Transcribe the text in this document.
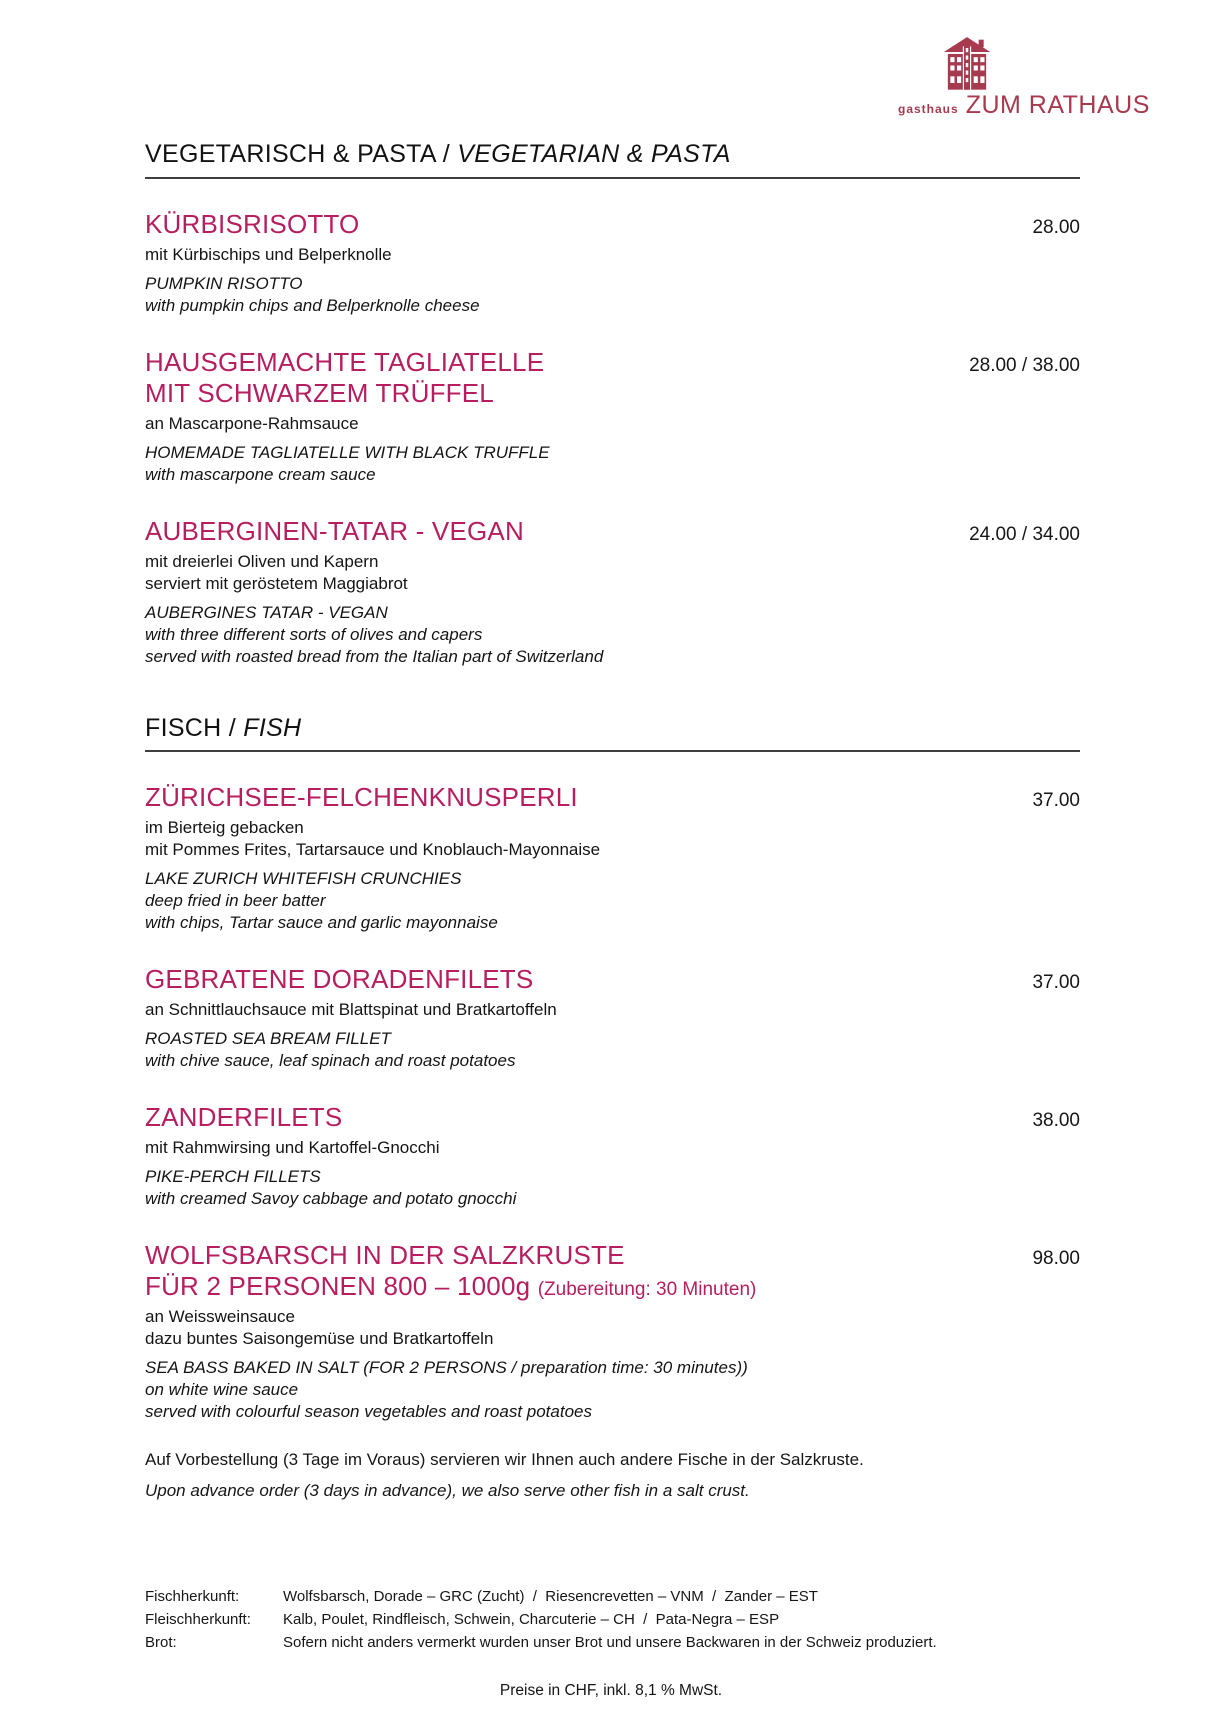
gasthaus ZUM RATHAUS
VEGETARISCH & PASTA / VEGETARIAN & PASTA
KÜRBISRISOTTO	28.00
mit Kürbischips und Belperknolle
PUMPKIN RISOTTO
with pumpkin chips and Belperknolle cheese
HAUSGEMACHTE TAGLIATELLE
MIT SCHWARZEM TRÜFFEL
28.00 / 38.00
an Mascarpone-Rahmsauce
HOMEMADE TAGLIATELLE WITH BLACK TRUFFLE
with mascarpone cream sauce
AUBERGINEN-TATAR - VEGAN	24.00 / 34.00
mit dreierlei Oliven und Kapern
serviert mit geröstetem Maggiabrot
AUBERGINES TATAR - VEGAN
with three different sorts of olives and capers
served with roasted bread from the Italian part of Switzerland
FISCH / FISH
ZÜRICHSEE-FELCHENKNUSPERLI	37.00
im Bierteig gebacken
mit Pommes Frites, Tartarsauce und Knoblauch-Mayonnaise
LAKE ZURICH WHITEFISH CRUNCHIES
deep fried in beer batter
with chips, Tartar sauce and garlic mayonnaise
GEBRATENE DORADENFILETS	37.00
an Schnittlauchsauce mit Blattspinat und Bratkartoffeln
ROASTED SEA BREAM FILLET
with chive sauce, leaf spinach and roast potatoes
ZANDERFILETS	38.00
mit Rahmwirsing und Kartoffel-Gnocchi
PIKE-PERCH FILLETS
with creamed Savoy cabbage and potato gnocchi
WOLFSBARSCH IN DER SALZKRUSTE
FÜR 2 PERSONEN 800 – 1000g (Zubereitung: 30 Minuten)
98.00
an Weissweinsauce
dazu buntes Saisongemüse und Bratkartoffeln
SEA BASS BAKED IN SALT (FOR 2 PERSONS / preparation time: 30 minutes))
on white wine sauce
served with colourful season vegetables and roast potatoes
Auf Vorbestellung (3 Tage im Voraus) servieren wir Ihnen auch andere Fische in der Salzkruste.
Upon advance order (3 days in advance), we also serve other fish in a salt crust.
Fischherkunft:	Wolfsbarsch, Dorade – GRC (Zucht)  /  Riesencrevetten – VNM  /  Zander – EST
Fleischherkunft:	Kalb, Poulet, Rindfleisch, Schwein, Charcuterie – CH  /  Pata-Negra – ESP
Brot:	Sofern nicht anders vermerkt wurden unser Brot und unsere Backwaren in der Schweiz produziert.
Preise in CHF, inkl. 8,1 % MwSt.
